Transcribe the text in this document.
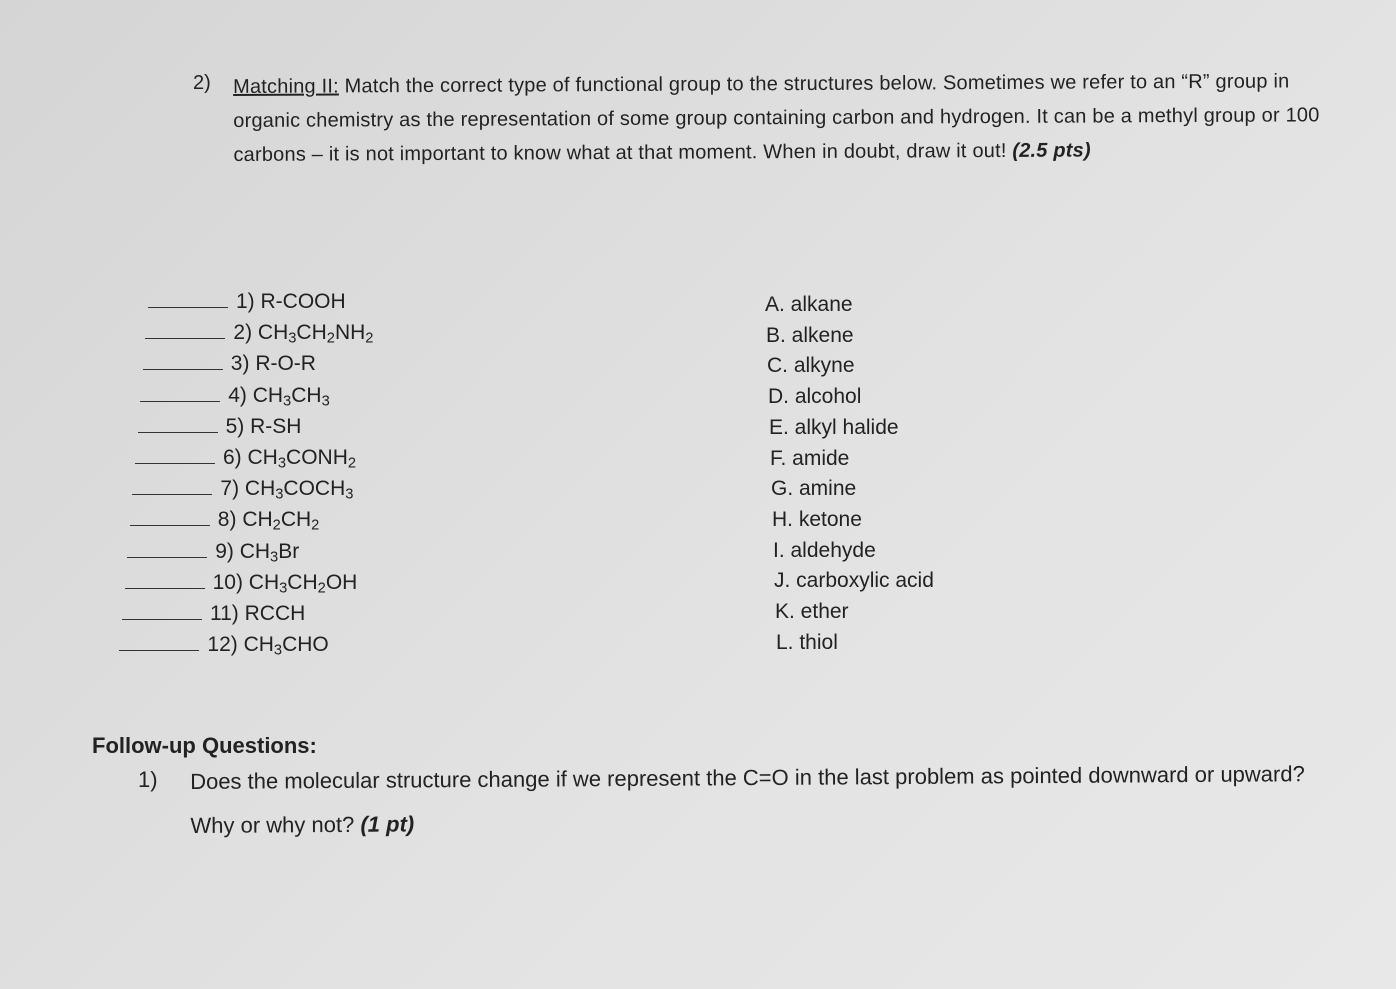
2) Matching II: Match the correct type of functional group to the structures below. Sometimes we refer to an “R” group in organic chemistry as the representation of some group containing carbon and hydrogen. It can be a methyl group or 100 carbons – it is not important to know what at that moment. When in doubt, draw it out! (2.5 pts)
1) R-COOH
2) $CH_3CH_2NH_2$
3) R-O-R
4) $CH_3CH_3$
5) R-SH
6) $CH_3CONH_2$
7) $CH_3COCH_3$
8) $CH_2CH_2$
9) $CH_3Br$
10) $CH_3CH_2OH$
11) RCCH
12) $CH_3CHO$
A. alkane
B. alkene
C. alkyne
D. alcohol
E. alkyl halide
F. amide
G. amine
H. ketone
I. aldehyde
J. carboxylic acid
K. ether
L. thiol
Follow-up Questions:
1) Does the molecular structure change if we represent the C=O in the last problem as pointed downward or upward? Why or why not? (1 pt)
